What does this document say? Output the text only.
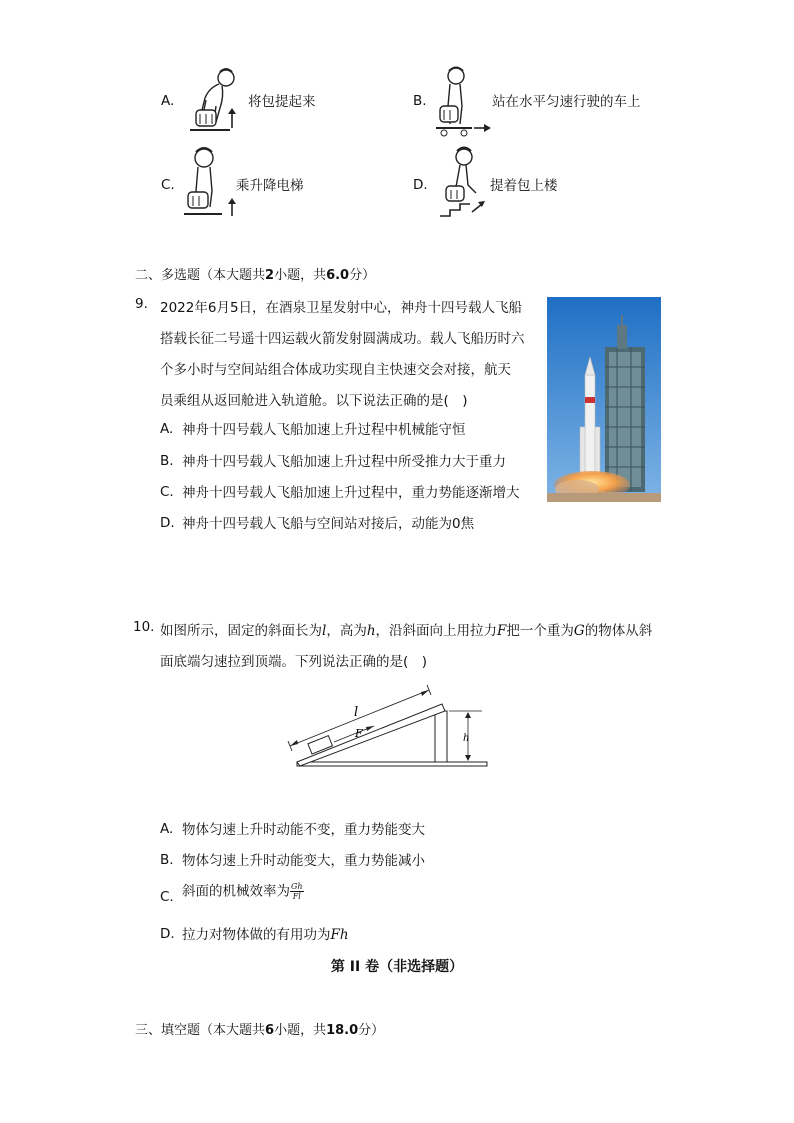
A.	将包提起来	B.	站在水平匀速行驶的车上
C.	乘升降电梯	D.	提着包上楼
二、多选题（本大题共2小题，共6.0分）
9. 2022年6月5日，在酒泉卫星发射中心，神舟十四号载人飞船
搭载长征二号遥十四运载火箭发射圆满成功。载人飞船历时六
个多小时与空间站组合体成功实现自主快速交会对接，航天
员乘组从返回舱进入轨道舱。以下说法正确的是(　)
A. 神舟十四号载人飞船加速上升过程中机械能守恒
B. 神舟十四号载人飞船加速上升过程中所受推力大于重力
C. 神舟十四号载人飞船加速上升过程中，重力势能逐渐增大
D. 神舟十四号载人飞船与空间站对接后，动能为0焦
10. 如图所示，固定的斜面长为l，高为h，沿斜面向上用拉力F把一个重为G的物体从斜
面底端匀速拉到顶端。下列说法正确的是(　)
l
F	h
A. 物体匀速上升时动能不变，重力势能变大
B. 物体匀速上升时动能变大，重力势能减小
C. 斜面的机械效率为 $\frac{Gh}{Fl}$
D. 拉力对物体做的有用功为Fh
第 II 卷（非选择题）
三、填空题（本大题共6小题，共18.0分）
